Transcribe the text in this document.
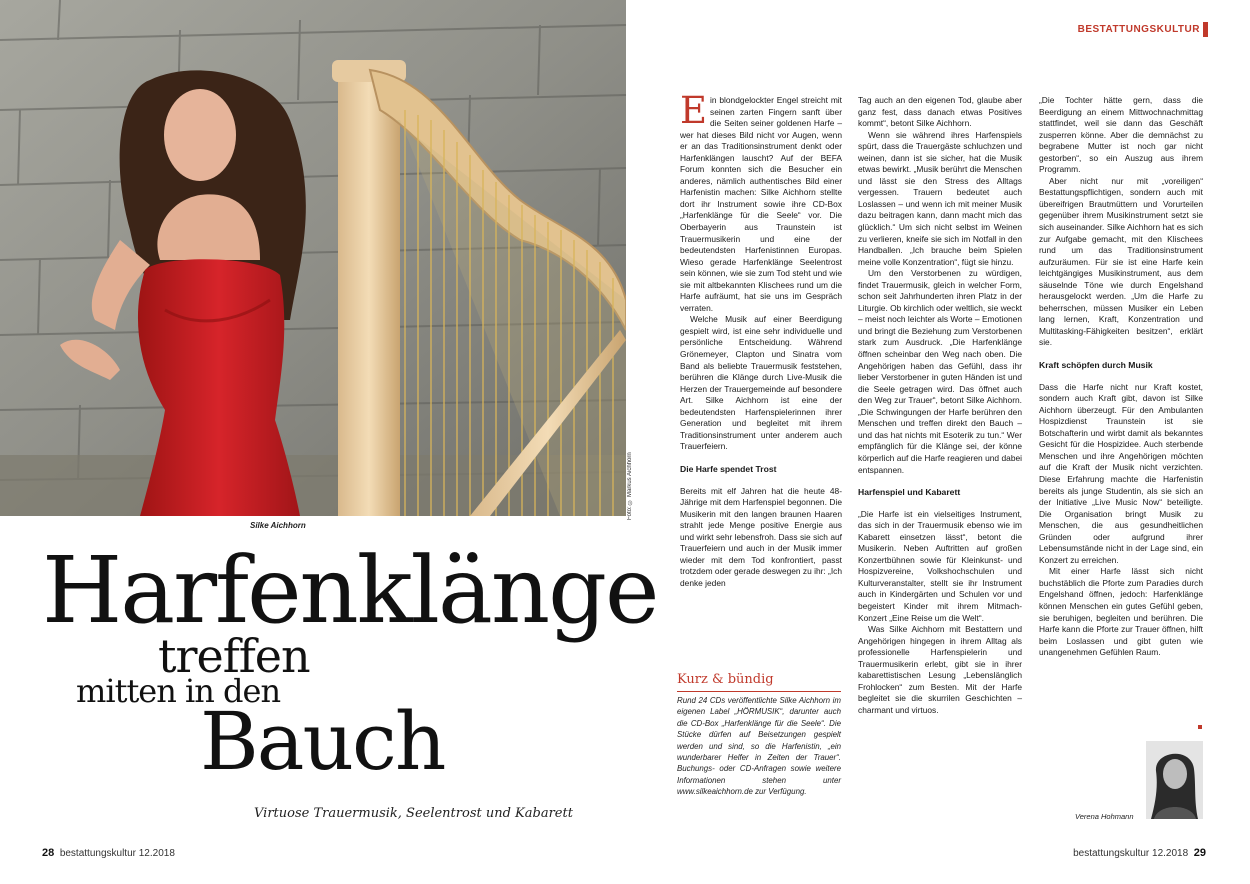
Foto: © Markus Aichhorn
Silke Aichhorn
Harfenklänge
treffen
mitten in den
Bauch
Virtuose Trauermusik, Seelentrost und Kabarett
28 bestattungskultur 12.2018
BESTATTUNGSKULTUR

Ein blondgelockter Engel streicht mit seinen zarten Fingern sanft über die Seiten seiner goldenen Harfe – wer hat dieses Bild nicht vor Augen, wenn er an das Traditionsinstrument denkt oder Harfenklängen lauscht? Auf der BEFA Forum konnten sich die Besucher ein anderes, nämlich authentisches Bild einer Harfenistin machen: Silke Aichhorn stellte dort ihr Instrument sowie ihre CD-Box „Harfenklänge für die Seele“ vor. Die Oberbayerin aus Traunstein ist Trauermusikerin und eine der bedeutendsten Harfenistinnen Europas. Wieso gerade Harfenklänge Seelentrost sein können, wie sie zum Tod steht und wie sie mit altbekannten Klischees rund um die Harfe aufräumt, hat sie uns im Gespräch verraten.

Welche Musik auf einer Beerdigung gespielt wird, ist eine sehr individuelle und persönliche Entscheidung. Während Grönemeyer, Clapton und Sinatra vom Band als beliebte Trauermusik feststehen, berühren die Klänge durch Live-Musik die Herzen der Trauergemeinde auf besondere Art. Silke Aichhorn ist eine der bedeutendsten Harfenspielerinnen ihrer Generation und begleitet mit ihrem Traditionsinstrument unter anderem auch Trauerfeiern.

Die Harfe spendet Trost

Bereits mit elf Jahren hat die heute 48-Jährige mit dem Harfenspiel begonnen. Die Musikerin mit den langen braunen Haaren strahlt jede Menge positive Energie aus und wirkt sehr lebensfroh. Dass sie sich auf Trauerfeiern und auch in der Musik immer wieder mit dem Tod konfrontiert, passt trotzdem oder gerade deswegen zu ihr: „Ich denke jeden

Kurz & bündig
Rund 24 CDs veröffentlichte Silke Aichhorn im eigenen Label „HÖRMUSIK“, darunter auch die CD-Box „Harfenklänge für die Seele“. Die Stücke dürfen auf Beisetzungen gespielt werden und sind, so die Harfenistin, „ein wunderbarer Helfer in Zeiten der Trauer“. Buchungs- oder CD-Anfragen sowie weitere Informationen stehen unter www.silkeaichhorn.de zur Verfügung.

Tag auch an den eigenen Tod, glaube aber ganz fest, dass danach etwas Positives kommt“, betont Silke Aichhorn.

Wenn sie während ihres Harfenspiels spürt, dass die Trauergäste schluchzen und weinen, dann ist sie sicher, hat die Musik etwas bewirkt. „Musik berührt die Menschen und lässt sie den Stress des Alltags vergessen. Trauern bedeutet auch Loslassen – und wenn ich mit meiner Musik dazu beitragen kann, dann macht mich das glücklich.“ Um sich nicht selbst im Weinen zu verlieren, kneife sie sich im Notfall in den Handballen. „Ich brauche beim Spielen meine volle Konzentration“, fügt sie hinzu.

Um den Verstorbenen zu würdigen, findet Trauermusik, gleich in welcher Form, schon seit Jahrhunderten ihren Platz in der Liturgie. Ob kirchlich oder weltlich, sie weckt – meist noch leichter als Worte – Emotionen und bringt die Beziehung zum Verstorbenen stark zum Ausdruck. „Die Harfenklänge öffnen scheinbar den Weg nach oben. Die Angehörigen haben das Gefühl, dass ihr lieber Verstorbener in guten Händen ist und die Seele getragen wird. Das öffnet auch den Weg zur Trauer“, betont Silke Aichhorn. „Die Schwingungen der Harfe berühren den Menschen und treffen direkt den Bauch – und das hat nichts mit Esoterik zu tun.“ Wer empfänglich für die Klänge sei, der könne körperlich auf die Harfe reagieren und dabei entspannen.

Harfenspiel und Kabarett

„Die Harfe ist ein vielseitiges Instrument, das sich in der Trauermusik ebenso wie im Kabarett einsetzen lässt“, betont die Musikerin. Neben Auftritten auf großen Konzertbühnen sowie für Kleinkunst- und Hospizvereine, Volkshochschulen und Kulturveranstalter, stellt sie ihr Instrument auch in Kindergärten und Schulen vor und begeistert Kinder mit ihrem Mitmach-Konzert „Eine Reise um die Welt“.

Was Silke Aichhorn mit Bestattern und Angehörigen hingegen in ihrem Alltag als professionelle Harfenspielerin und Trauermusikerin erlebt, gibt sie in ihrer kabarettistischen Lesung „Lebenslänglich Frohlocken“ zum Besten. Mit der Harfe begleitet sie die skurrilen Geschichten – charmant und virtuos.

„Die Tochter hätte gern, dass die Beerdigung an einem Mittwochnachmittag stattfindet, weil sie dann das Geschäft zusperren könne. Aber die demnächst zu begrabene Mutter ist noch gar nicht gestorben“, so ein Auszug aus ihrem Programm.

Aber nicht nur mit „voreiligen“ Bestattungspflichtigen, sondern auch mit übereifrigen Brautmüttern und Vorurteilen gegenüber ihrem Musikinstrument setzt sie sich auseinander. Silke Aichhorn hat es sich zur Aufgabe gemacht, mit den Klischees rund um das Traditionsinstrument aufzuräumen. Für sie ist eine Harfe kein leichtgängiges Musikinstrument, aus dem säuselnde Töne wie durch Engelshand herausgelockt werden. „Um die Harfe zu beherrschen, müssen Musiker ein Leben lang lernen, Kraft, Konzentration und Multitasking-Fähigkeiten besitzen“, erklärt sie.

Kraft schöpfen durch Musik

Dass die Harfe nicht nur Kraft kostet, sondern auch Kraft gibt, davon ist Silke Aichhorn überzeugt. Für den Ambulanten Hospizdienst Traunstein ist sie Botschafterin und wirbt damit als bekanntes Gesicht für die Hospizidee. Auch sterbende Menschen und ihre Angehörigen möchten auf die Kraft der Musik nicht verzichten. Diese Erfahrung machte die Harfenistin bereits als junge Studentin, als sie sich an der Initiative „Live Music Now“ beteiligte. Die Organisation bringt Musik zu Menschen, die aus gesundheitlichen Gründen oder aufgrund ihrer Lebensumstände nicht in der Lage sind, ein Konzert zu erreichen.

Mit einer Harfe lässt sich nicht buchstäblich die Pforte zum Paradies durch Engelshand öffnen, jedoch: Harfenklänge können Menschen ein gutes Gefühl geben, sie beruhigen, begleiten und berühren. Die Harfe kann die Pforte zur Trauer öffnen, hilft beim Loslassen und gibt guten wie unangenehmen Gefühlen Raum.

Verena Hohmann
bestattungskultur 12.2018 29
